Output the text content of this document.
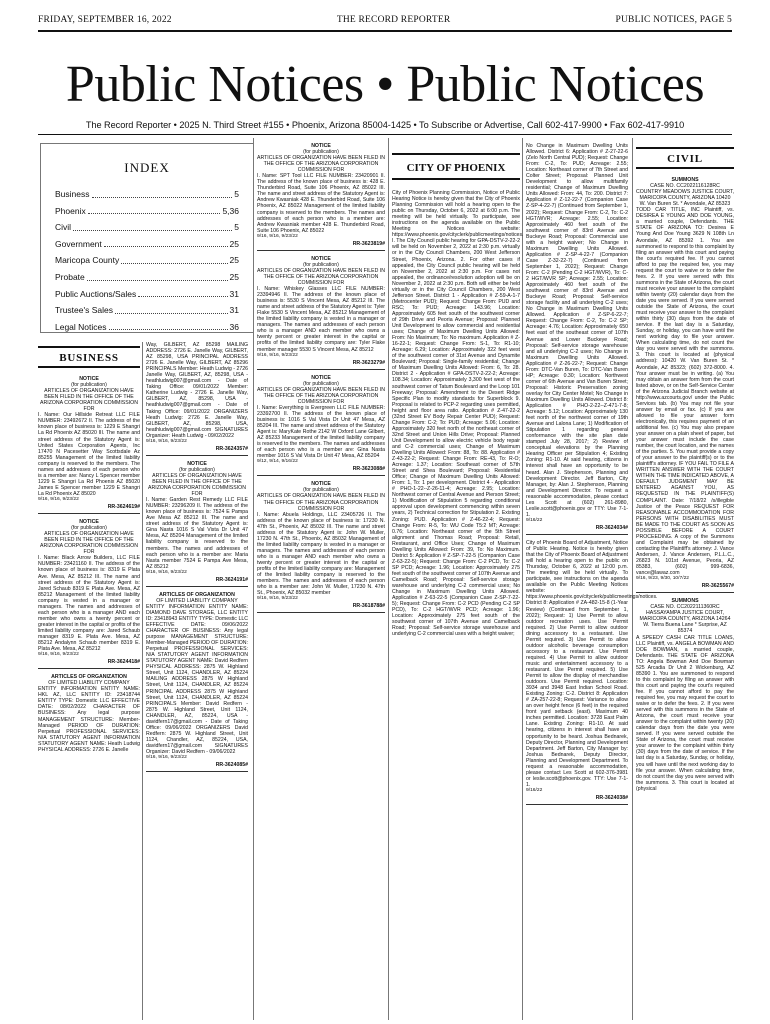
FRIDAY, SEPTEMBER 16, 2022	THE RECORD REPORTER	PUBLIC NOTICES, PAGE 5
Public Notices • Public Notices
The Record Reporter • 2025 N. Third Street #155 • Phoenix, Arizona 85004-1425 • To Subscribe or Advertise, Call 602-417-9900 • Fax 602-417-9910
INDEX
Business	5
Phoenix	5,36
Civil	5
Government	25
Maricopa County	25
Probate	25
Public Auctions/Sales	31
Trustee's Sales	31
Legal Notices	36
BUSINESS
NOTICE
(for publication)
ARTICLES OF ORGANIZATION HAVE BEEN FILED IN THE OFFICE OF THE ARIZONA CORPORATION COMMISSION FOR

I. Name: Our Hillside Retreat LLC FILE NUMBER: 23492672 II. The address of the known place of business is: 1229 E Shangri La Rd Phoenix AZ 85020 III. The name and street address of the Statutory Agent is: United States Corporation Agents, Inc 17470 N Pacesetter Way Scottsdale Az 85255 Management of the limited liability company is reserved to the members. The names and addresses of each person who is a member are: Nancy L Spencer member 1229 E Shangri La Rd Phoenix AZ 85020 James E Spencer member 1229 E Shangri La Rd Phoenix AZ 85020

9/16, 9/16, 9/23/22
RR-3624619#
NOTICE
(for publication)
ARTICLES OF ORGANIZATION HAVE BEEN FILED IN THE OFFICE OF THE ARIZONA CORPORATION COMMISSION FOR

I. Name: Black Arrow Builders, LLC FILE NUMBER: 23421160 II. The address of the known place of business is: 8319 E Plata Ave. Mesa, AZ 85212 III. The name and street address of the Statutory Agent is: Jared Schaub 8319 E Plata Ave. Mesa, AZ 85212 Management of the limited liability company is vested in a manager or managers. The names and addresses of each person who is a manager AND each member who owns a twenty percent or greater interest in the capital or profits of the limited liability company are: Jared Schaub manager 8319 E. Plata Ave. Mesa, AZ 85212 Andalynn Schaub member 8319 E. Plata Ave. Mesa, AZ 85212

9/16, 9/16, 9/23/22
RR-3624418#
ARTICLES OF ORGANIZATION
OF LIMITED LIABILITY COMPANY

ENTITY INFORMATION ENTITY NAME: HKL AZ, LLC ENTITY ID: 23418744 ENTITY TYPE: Domestic LLC EFFECTIVE DATE: 08/02/2022 CHARACTER OF BUSINESS: Any legal purpose MANAGEMENT STRUCTURE: Member-Managed PERIOD OF DURATION: Perpetual PROFESSIONAL SERVICES: N/A STATUTORY AGENT INFORMATION STATUTORY AGENT NAME: Heath Ludwig PHYSICAL ADDRESS: 2726 E. Janelle

Way, GILBERT, AZ 85298 MAILING ADDRESS: 2726 E. Janelle Way, GILBERT, AZ 85298, USA PRINCIPAL ADDRESS 2726 E. Janelle Way, GILBERT, AZ 85296 PRINCIPALS Member: Heath Ludwig - 2726 Janelle Way, GILBERT, AZ, 85298, USA - heathludwig007@gmail.com - Date of Taking Office: 09/01/2022 Member: Katherine Ludwig - 2726 E. Janelle Way, GILBERT, AZ, 85298, USA - heathludwig007@gmail.com - Date of Taking Office: 09/01/2022 ORGANIZERS Heath Ludwig: 2726 E. Janelle Way, GILBERT, AZ, 85298, USA, heathludwig007@gmail.com SIGNATURES Organizer: Heath Ludwig - 09/02/2022

9/16, 9/16, 9/23/22
RR-3624357#
NOTICE
(for publication)
ARTICLES OF ORGANIZATION HAVE BEEN FILED IN THE OFFICE OF THE ARIZONA CORPORATION COMMISSION FOR

I. Name: Garden Rest Remedy LLC FILE NUMBER: 23296209 II. The address of the known place of business is: 7524 E Pampa Ave Mesa AZ 85212 III. The name and street address of the Statutory Agent is: Gina Nasta 1016 S Val Vista Dr Unit 47 Mesa, AZ 85204 Management of the limited liability company is reserved to the members. The names and addresses of each person who is a member are: Maria Nasta member 7524 E Pampa Ave Mesa, AZ 85212

9/16, 9/16, 9/23/22
RR-3624191#
ARTICLES OF ORGANIZATION
OF LIMITED LIABILITY COMPANY

ENTITY INFORMATION ENTITY NAME: DIAMOND DAVE STORAGE, LLC ENTITY ID: 23418943 ENTITY TYPE: Domestic LLC EFFECTIVE DATE: 09/06/2022 CHARACTER OF BUSINESS: Any legal purpose MANAGEMENT STRUCTURE: Member-Managed PERIOD OF DURATION: Perpetual PROFESSIONAL SERVICES: N/A STATUTORY AGENT INFORMATION STATUTORY AGENT NAME: David Redfern PHYSICAL ADDRESS: 2875 W. Highland Street, Unit 1124, CHANDLER, AZ 85224 MAILING ADDRESS 2875 W Highland Street, Unit 1124, CHANDLER, AZ 85224 PRINCIPAL ADDRESS 2875 W Highland Street, Unit 1124, CHANDLER, AZ 85224 PRINCIPALS Member: David Redfern - 2875 W. Highland Street, Unit 1124, CHANDLER, AZ, 85224, USA - davidfern17@gmail.com - Date of Taking Office: 09/06/2022 ORGANIZERS David Redfern: 2875 W. Highland Street, Unit 1124, Chandler, AZ, 85224, USA, davidfern17@gmail.com SIGNATURES Organizer: David Redfern - 09/06/2022

9/16, 9/16, 9/23/22
RR-3624085#
NOTICE
(for publication)
ARTICLES OF ORGANIZATION HAVE BEEN FILED IN THE OFFICE OF THE ARIZONA CORPORATION COMMISSION FOR

I. Name: SPT Tool LLC FILE NUMBER: 23420901 II. The address of the known place of business is: 428 E. Thunderbird Road, Suite 106 Phoenix, AZ 85022 III. The name and street address of the Statutory Agent is: Andrew Kwasniak 428 E. Thunderbird Road, Suite 106 Phoenix, AZ 85022 Management of the limited liability company is reserved to the members. The names and addresses of each person who is a member are: Andrew Kwasniak member 428 E. Thunderbird Road, Suite 106 Phoenix, AZ 85022

9/16, 9/16, 9/23/22
RR-3623819#
NOTICE
(for publication)
ARTICLES OF ORGANIZATION HAVE BEEN FILED IN THE OFFICE OF THE ARIZONA CORPORATION COMMISSION FOR

I. Name: Whiskey Glasses LLC FILE NUMBER: 23394946 II. The address of the known place of business is: 5530 S Vincent Mesa, AZ 85212 III. The name and street address of the Statutory Agent is: Tyler Flake 5530 S Vincent Mesa, AZ 85212 Management of the limited liability company is vested in a manager or managers. The names and addresses of each person who is a manager AND each member who owns a twenty percent or greater interest in the capital or profits of the limited liability company are: Tyler Flake member manager 5530 S Vincent Mesa, AZ 85212

9/16, 9/16, 9/23/22
RR-3623279#
NOTICE
(for publication)
ARTICLES OF ORGANIZATION HAVE BEEN FILED IN THE OFFICE OF THE ARIZONA CORPORATION COMMISSION FOR

I. Name: Everything is Evergreen LLC FILE NUMBER: 23392700 II. The address of the known place of business is: 1016 S Val Vista Dr Unit 47 Mesa, AZ 85204 III. The name and street address of the Statutory Agent is: MaryKate Rothe 2142 W Oxford Lane Gilbert, AZ 85233 Management of the limited liability company is reserved to the members. The names and addresses of each person who is a member are: Gina Nasta member 1016 S Val Vista Dr Unit 47 Mesa, AZ 85204

9/12, 9/14, 9/16/22
RR-3623088#
NOTICE
(for publication)
ARTICLES OF ORGANIZATION HAVE BEEN FILED IN THE OFFICE OF THE ARIZONA CORPORATION COMMISSION FOR

I. Name: Abuela Holdings, LLC 23405726 II. The address of the known place of business is: 17230 N. 47th St., Phoenix, AZ 85032 III. The name and street address of the Statutory Agent is: John W. Muller, 17230 N. 47th St., Phoenix, AZ 85032 Management of the limited liability company is vested in a manager or managers. The names and addresses of each person who is a manager AND each member who owns a twenty percent or greater interest in the capital or profits of the limited liability company are: Management of the limited liability company is reserved to the members. The names and addresses of each person who is a member are: John W. Muller, 17230 N. 47th St., Phoenix, AZ 85032 member

9/16, 9/16, 9/23/22
RR-3618788#
CITY OF PHOENIX

City of Phoenix Planning Commission, Notice of Public Hearing Notice is hereby given that the City of Phoenix Planning Commission will hold a hearing open to the public on Thursday, October 6, 2022 at 6:00 p.m. The meeting will be held virtually. To participate, see instructions on the agenda available on the Public Meeting Notices website: https://www.phoenix.gov/cityclerk/publicmeetings/notices. I. The City Council public hearing for GPA-DSTV-2-22-2 will be held on November 2, 2022 at 2:30 p.m. virtually or in the City Council Chambers, 200 West Jefferson Street, Phoenix, Arizona. 2. For other cases if appealed, the City Council public hearing will be held on November 2, 2022 at 2:30 p.m. For cases not appealed, the ordinance/resolution adoption will be on November 2, 2022 at 2:30 p.m. Both will either be held virtually or in the City Council Chambers, 200 West Jefferson Street. District 1 - Application # Z-59-A-1-7 (Metrocenter PUD); Request: Change From: PUD and RSC; To: PUD; Acreage: 143.96; Location: Approximately 605 feet south of the southwest corner of 29th Drive and Peoria Avenue; Proposal: Planned Unit Development to allow commercial and residential uses; Change of Maximum Dwelling Units Allowed: From: No Maximum; To: No maximum. Application # Z-16-22-1; Request: Change From: S-1, To: R1-10; Acreage: 6.29; Location: Approximately 322 feet west of the southwest corner of 31st Avenue and Dynamite Boulevard; Proposal: Single-family residential; Change of Maximum Dwelling Units Allowed: From: 6, To: 28. District 2 - Application # GPA-DSTV-2-22-2; Acreage: 108.34; Location: Approximately 3,300 feet west of the southwest corner of Tatum Boulevard and the Loop 101 Freeway; Proposal: Amendment to the Desert Ridge Specific Plan to modify standards for Superblock 9. Proposal is related to PCP-2 regarding uses permitted, height and floor area ratio. Application # Z-47-22-2 (32nd Street EV Body Repair Center PUD); Request: Change From: C-2; To: PUD; Acreage: 5.06; Location: Approximately 320 feet north of the northeast corner of 32nd Street and Union Hills Drive; Proposal: Planned Unit Development to allow electric vehicle body repair and C-2 commercial uses; Change of Maximum Dwelling Units Allowed: From: 88, To: 88. Application # Z-43-22-2; Request: Change From: RE-43, To: R-O; Acreage: 1.37; Location: Southeast corner of 57th Street and Shea Boulevard; Proposal: Residential Office; Change of Maximum Dwelling Units Allowed: From: 1, To: 1 per development. District 4 - Application # PHO-1-22--Z-26-11-4; Acreage: 2.95; Location: Northwest corner of Central Avenue and Pierson Street; 1) Modification of Stipulation 5 regarding conditional approval upon development commencing within seven years, 2) Technical correction for Stipulation 2. Existing Zoning: PUD. Application # Z-46-22-4; Request: Change From: R-5, To: WU Code T5:2 MT; Acreage: 0.76; Location: Northeast corner of the 5th Street alignment and Thomas Road; Proposal: Retail, Restaurant, and Office Uses; Change of Maximum Dwelling Units Allowed: From: 39, To: No Maximum. District 5: Application # Z-SP-7-22-5 (Companion Case Z-63-22-5); Request: Change From: C-2 PCD, To: C-2 SP PCD; Acreage: 1.96; Location: Approximately 275 feet south of the southwest corner of 107th Avenue and Camelback Road; Proposal: Self-service storage warehouse and underlying C-2 commercial uses; No Change in Maximum Dwelling Units Allowed. Application # Z-63-22-5 (Companion Case Z-SP-7-22-5); Request: Change From: C-2 PCD (Pending C-2 SP PCD), To: C-2 HGT/WVR PCD; Acreage: 1.96; Location: Approximately 275 feet south of the southwest corner of 107th Avenue and Camelback Road; Proposal: Self-service storage warehouse and underlying C-2 commercial uses with a height waiver;

No Change in Maximum Dwelling Units Allowed. District 6: Application # Z-27-22-6 (Zelo North Central PUD); Request: Change From: C-2, To: PUD; Acreage: 2.55; Location: Northeast corner of 7th Street and Colter Street; Proposal: Planned Unit Development to allow multifamily residential; Change of Maximum Dwelling Units Allowed: From: 44, To: 200. District 7: Application # Z-12-22-7 (Companion Case Z-SP-4-22-7) (Continued from September 1, 2022); Request: Change From: C-2, To: C-2 HGT/WVR; Acreage: 2.55; Location: Approximately 460 feet south of the southwest corner of 83rd Avenue and Buckeye Road; Proposal: Commercial use with a height waiver; No Change in Maximum Dwelling Units Allowed. Application # Z-SP-4-22-7 (Companion Case Z-32-22-7) (Continued from September 1, 2022); Request: Change From: C-2 (Pending C-2 HGT/WVR), To: C-2 HGT/WVR SP; Acreage: 2.55; Location: Approximately 460 feet south of the southwest corner of 83rd Avenue and Buckeye Road; Proposal: Self-service storage facility and all underlying C-2 uses; No Change in Maximum Dwelling Units Allowed. Application # Z-SP-6-22-7; Request: Change From: C-2, To: C-2 SP; Acreage: 4.76; Location: Approximately 650 feet east of the southeast corner of 107th Avenue and Lower Buckeye Road; Proposal: Self-service storage warehouse and all underlying C-2 uses; No Change in Maximum Dwelling Units Allowed. Application # Z-26-22-7; Request: Change From: DTC-Van Buren, To: DTC-Van Buren HP; Acreage: 0.30; Location: Northwest corner of 6th Avenue and Van Buren Street; Proposal: Historic Preservation zoning overlay for City Center Motel; No Change in Maximum Dwelling Units Allowed. District 8: Application # PHO-2-22--Z-471-7-8; Acreage: 5.12; Location: Approximately 130 feet north of the northwest corner of 19th Avenue and Lalona Lane; 1) Modification of Stipulation 1 regarding general conformance with the site plan date stamped July 28, 2017; 2) Review of conceptual elevations by the Planning Hearing Officer per Stipulation 4; Existing Zoning: R1-10. At said hearing, citizens in interest shall have an opportunity to be heard. Alan J. Stephenson, Planning and Development Director. Jeff Barton, City Manager, by: Alan J. Stephenson, Planning and Development Director. To request a reasonable accommodation, please contact Les Scott at (602) 261-8980, Leslie.scott@phoenix.gov or TTY: Use 7-1-1.

9/16/22
RR-3624034#

City of Phoenix Board of Adjustment, Notice of Public Hearing. Notice is hereby given that the City of Phoenix Board of Adjustment will hold a hearing open to the public on Thursday, October 6, 2022 at 12:00 p.m. The meeting will be held virtually. To participate, see instructions on the agenda available on the Public Meeting Notices website: https://www.phoenix.gov/cityclerk/publicmeetings/notices. District 8: Application # ZA-482-15-8 (1-Year Review) (Continued from September 1, 2022); Request: 1) Use Permit to allow outdoor recreation uses. Use Permit required. 2) Use Permit to allow outdoor dining accessory to a restaurant. Use Permit required. 3) Use Permit to allow outdoor alcoholic beverage consumption accessory to a restaurant. Use Permit required. 4) Use Permit to allow outdoor music and entertainment accessory to a restaurant. Use Permit required. 5) Use Permit to allow the display of merchandise outdoors. Use Permit required. Location: 3934 and 3948 East Indian School Road. Existing Zoning: C-2. District 8: Application # ZA-257-22-8; Request: Variance to allow an over height fence (6 feet) in the required front yard setback (east). Maximum 40 inches permitted. Location: 3728 East Palm Lane. Existing Zoning: R1-10. At said hearing, citizens in interest shall have an opportunity to be heard. Joshua Bednarek, Deputy Director, Planning and Development Department. Jeff Barton, City Manager by: Joshua Bednarek, Deputy Director, Planning and Development Department. To request a reasonable accommodation, please contact Les Scott at 602-376-3981 or leslie.scott@phoenix.gov. TTY: Use 7-1-1.

9/16/22
RR-3624038#
CIVIL
SUMMONS
CASE NO. CC2022116128RC
COUNTRY MEADOWS JUSTICE COURT, MARICOPA COUNTY, ARIZONA 10420 W. Van Buren St. * Avondale, AZ 85323

TODD CAR TITLE, INC Plaintiff, vs. DESIREA E YOUNG AND DOE YOUNG, a married couple, Defendants. THE STATE OF ARIZONA TO: Desirea E Young And Doe Young 3629 N 108th Ln Avondale, AZ 85392 1. You are summoned to respond to this complaint by filing an answer with this court and paying the court's required fee. If you cannot afford to pay the required fee, you may request the court to waive or to defer the fees. 2. If you were served with this summons in the State of Arizona, the court must receive your answer to the complaint within twenty (20) calendar days from the date you were served. If you were served outside the State of Arizona, the court must receive your answer to the complaint within thirty (30) days from the date of service. If the last day is a Saturday, Sunday, or holiday, you can have until the next working day to file your answer. When calculating time, do not count the day you were served with the summons. 3. This court is located at (physical address): 10420 W. Van Buren St. * Avondale, AZ 85323; (602) 372-8000. 4. Your answer must be in writing. (a) You may obtain an answer form from the court listed above, or on the Self-Service Center of the Arizona Judicial Branch website at http://www.azcourts.gov/ under the Public Services tab. (b) You may not file your answer by email or fax. (c) If you are allowed to file your answer form electronically, this requires payment of an additional fee. (c) You may also prepare your answer on a plain sheet of paper, but your answer must include the case number, the court location, and the names of the parties. 5. You must provide a copy of your answer to the plaintiff(s) or to the plaintiff's attorney. IF YOU FAIL TO FILE A WRITTEN ANSWER WITH THE COURT WITHIN THE TIME INDICATED ABOVE, A DEFAULT JUDGMENT MAY BE ENTERED AGAINST YOU, AS REQUESTED IN THE PLAINTIFF(S) COMPLAINT. Date: 7/18/22 /s/illegible Justice of the Peace REQUEST FOR REASONABLE ACCOMMODATION FOR PERSONS WITH DISABILITIES MUST BE MADE TO THE COURT AS SOON AS POSSIBLE BEFORE A COURT PROCEEDING. A copy of the Summons and Complaint may be obtained by contacting the Plaintiff's attorney: J. Vance Andersen, J. Vance Andersen, P.L.L.C., 26823 N. 101st Avenue, Peoria, AZ 85383, (602) 999-6836, vance@lawaz.com

9/16, 9/23, 9/30, 10/7/22
RR-3625567#
SUMMONS
CASE NO. CC2022111360RC
HASSAYAMPA JUSTICE COURT, MARICOPA COUNTY, ARIZONA 14264 W. Tierra Buena Lane * Surprise, AZ 85374

A SPEEDY CASH CAR TITLE LOANS, LLC Plaintiff, vs. ANGELA BOWMAN AND DOE BOWMAN, a married couple, Defendants. THE STATE OF ARIZONA TO: Angela Bowman And Doe Bowman 525 Arcadia Dr Unit 2 Wickenburg, AZ 85390 1. You are summoned to respond to this complaint by filing an answer with this court and paying the court's required fee. If you cannot afford to pay the required fee, you may request the court to waive or to defer the fees. 2. If you were served with this summons in the State of Arizona, the court must receive your answer to the complaint within twenty (20) calendar days from the date you were served. If you were served outside the State of Arizona, the court must receive your answer to the complaint within thirty (30) days from the date of service. If the last day is a Saturday, Sunday, or holiday, you will have until the next working day to file your answer. When calculating time, do not count the day you were served with the summons. 3. This court is located at (physical
